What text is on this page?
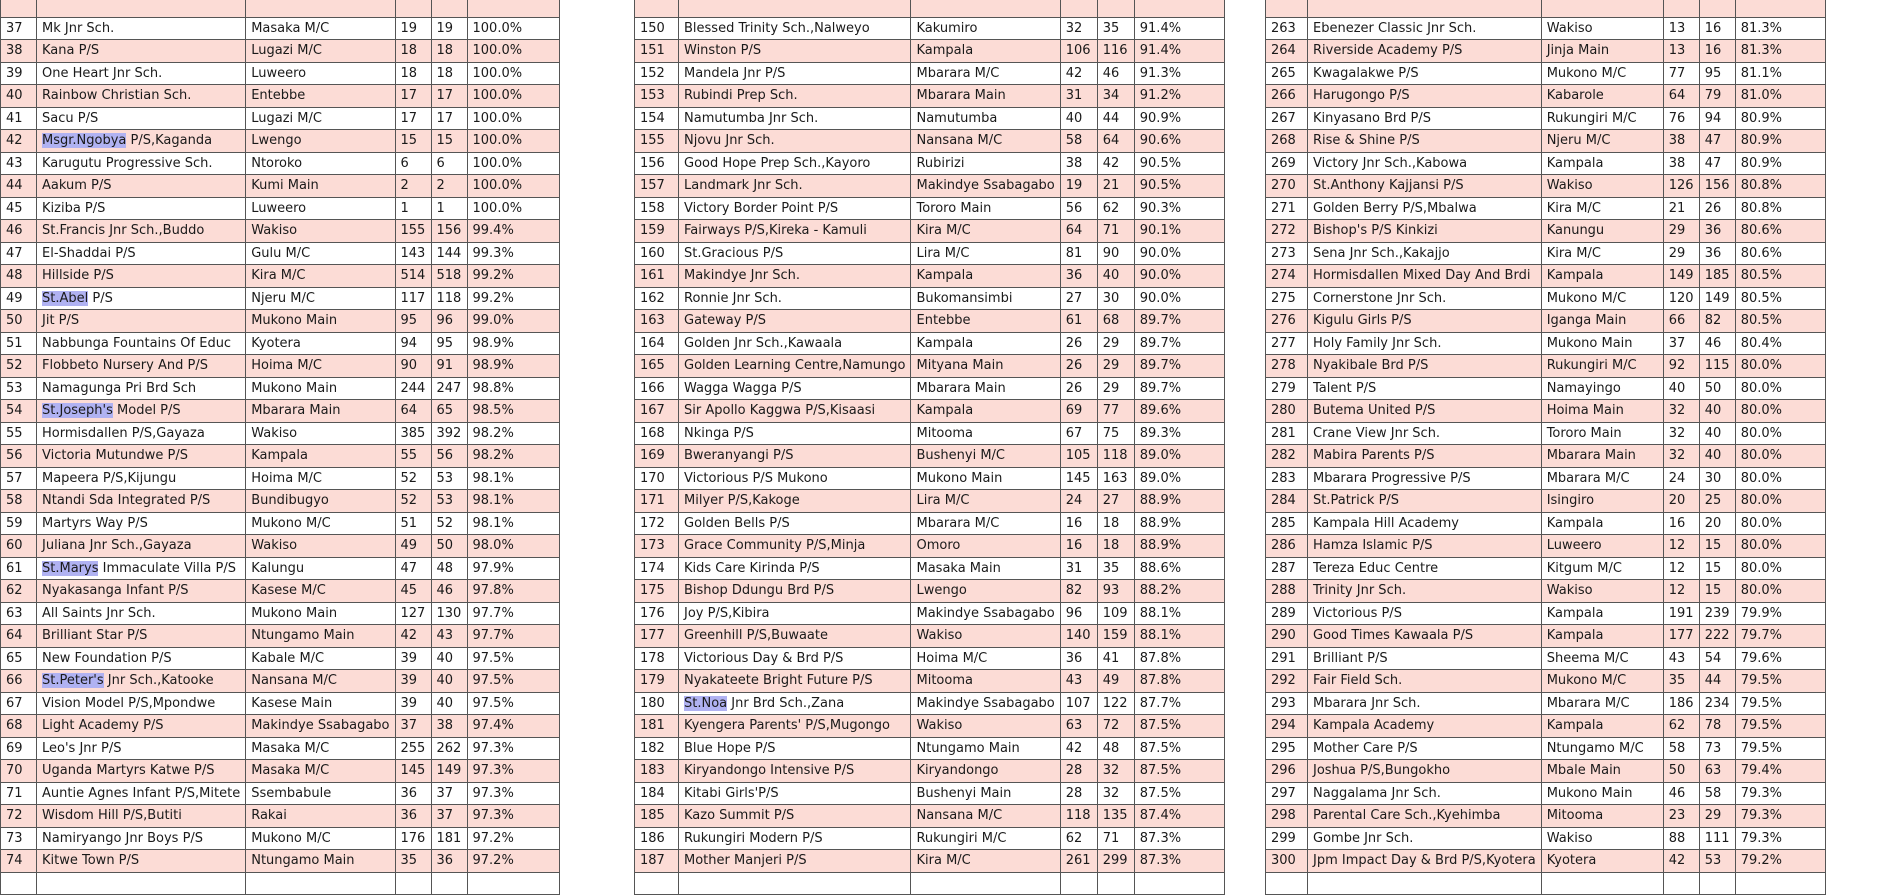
37	Mk Jnr Sch.	Masaka M/C	19	19	100.0%
38	Kana P/S	Lugazi M/C	18	18	100.0%
39	One Heart Jnr Sch.	Luweero	18	18	100.0%
40	Rainbow Christian Sch.	Entebbe	17	17	100.0%
41	Sacu P/S	Lugazi M/C	17	17	100.0%
42	Msgr.Ngobya P/S,Kaganda	Lwengo	15	15	100.0%
43	Karugutu Progressive Sch.	Ntoroko	6	6	100.0%
44	Aakum P/S	Kumi Main	2	2	100.0%
45	Kiziba P/S	Luweero	1	1	100.0%
46	St.Francis Jnr Sch.,Buddo	Wakiso	155	156	99.4%
47	El-Shaddai P/S	Gulu M/C	143	144	99.3%
48	Hillside P/S	Kira M/C	514	518	99.2%
49	St.Abel P/S	Njeru M/C	117	118	99.2%
50	Jit P/S	Mukono Main	95	96	99.0%
51	Nabbunga Fountains Of Educ	Kyotera	94	95	98.9%
52	Flobbeto Nursery And P/S	Hoima M/C	90	91	98.9%
53	Namagunga Pri Brd Sch	Mukono Main	244	247	98.8%
54	St.Joseph's Model P/S	Mbarara Main	64	65	98.5%
55	Hormisdallen P/S,Gayaza	Wakiso	385	392	98.2%
56	Victoria Mutundwe P/S	Kampala	55	56	98.2%
57	Mapeera P/S,Kijungu	Hoima M/C	52	53	98.1%
58	Ntandi Sda Integrated P/S	Bundibugyo	52	53	98.1%
59	Martyrs Way P/S	Mukono M/C	51	52	98.1%
60	Juliana Jnr Sch.,Gayaza	Wakiso	49	50	98.0%
61	St.Marys Immaculate Villa P/S	Kalungu	47	48	97.9%
62	Nyakasanga Infant P/S	Kasese M/C	45	46	97.8%
63	All Saints Jnr Sch.	Mukono Main	127	130	97.7%
64	Brilliant Star P/S	Ntungamo Main	42	43	97.7%
65	New Foundation P/S	Kabale M/C	39	40	97.5%
66	St.Peter's Jnr Sch.,Katooke	Nansana M/C	39	40	97.5%
67	Vision Model P/S,Mpondwe	Kasese Main	39	40	97.5%
68	Light Academy P/S	Makindye Ssabagabo	37	38	97.4%
69	Leo's Jnr P/S	Masaka M/C	255	262	97.3%
70	Uganda Martyrs Katwe P/S	Masaka M/C	145	149	97.3%
71	Auntie Agnes Infant P/S,Mitete	Ssembabule	36	37	97.3%
72	Wisdom Hill P/S,Butiti	Rakai	36	37	97.3%
73	Namiryango Jnr Boys P/S	Mukono M/C	176	181	97.2%
74	Kitwe Town P/S	Ntungamo Main	35	36	97.2%

150	Blessed Trinity Sch.,Nalweyo	Kakumiro	32	35	91.4%
151	Winston P/S	Kampala	106	116	91.4%
152	Mandela Jnr P/S	Mbarara M/C	42	46	91.3%
153	Rubindi Prep Sch.	Mbarara Main	31	34	91.2%
154	Namutumba Jnr Sch.	Namutumba	40	44	90.9%
155	Njovu Jnr Sch.	Nansana M/C	58	64	90.6%
156	Good Hope Prep Sch.,Kayoro	Rubirizi	38	42	90.5%
157	Landmark Jnr Sch.	Makindye Ssabagabo	19	21	90.5%
158	Victory Border Point P/S	Tororo Main	56	62	90.3%
159	Fairways P/S,Kireka - Kamuli	Kira M/C	64	71	90.1%
160	St.Gracious P/S	Lira M/C	81	90	90.0%
161	Makindye Jnr Sch.	Kampala	36	40	90.0%
162	Ronnie Jnr Sch.	Bukomansimbi	27	30	90.0%
163	Gateway P/S	Entebbe	61	68	89.7%
164	Golden Jnr Sch.,Kawaala	Kampala	26	29	89.7%
165	Golden Learning Centre,Namungo	Mityana Main	26	29	89.7%
166	Wagga Wagga P/S	Mbarara Main	26	29	89.7%
167	Sir Apollo Kaggwa P/S,Kisaasi	Kampala	69	77	89.6%
168	Nkinga P/S	Mitooma	67	75	89.3%
169	Bweranyangi P/S	Bushenyi M/C	105	118	89.0%
170	Victorious P/S Mukono	Mukono Main	145	163	89.0%
171	Milyer P/S,Kakoge	Lira M/C	24	27	88.9%
172	Golden Bells P/S	Mbarara M/C	16	18	88.9%
173	Grace Community P/S,Minja	Omoro	16	18	88.9%
174	Kids Care Kirinda P/S	Masaka Main	31	35	88.6%
175	Bishop Ddungu Brd P/S	Lwengo	82	93	88.2%
176	Joy P/S,Kibira	Makindye Ssabagabo	96	109	88.1%
177	Greenhill P/S,Buwaate	Wakiso	140	159	88.1%
178	Victorious Day & Brd P/S	Hoima M/C	36	41	87.8%
179	Nyakateete Bright Future P/S	Mitooma	43	49	87.8%
180	St.Noa Jnr Brd Sch.,Zana	Makindye Ssabagabo	107	122	87.7%
181	Kyengera Parents' P/S,Mugongo	Wakiso	63	72	87.5%
182	Blue Hope P/S	Ntungamo Main	42	48	87.5%
183	Kiryandongo Intensive P/S	Kiryandongo	28	32	87.5%
184	Kitabi Girls'P/S	Bushenyi Main	28	32	87.5%
185	Kazo Summit P/S	Nansana M/C	118	135	87.4%
186	Rukungiri Modern P/S	Rukungiri M/C	62	71	87.3%
187	Mother Manjeri P/S	Kira M/C	261	299	87.3%

263	Ebenezer Classic Jnr Sch.	Wakiso	13	16	81.3%
264	Riverside Academy P/S	Jinja Main	13	16	81.3%
265	Kwagalakwe P/S	Mukono M/C	77	95	81.1%
266	Harugongo P/S	Kabarole	64	79	81.0%
267	Kinyasano Brd P/S	Rukungiri M/C	76	94	80.9%
268	Rise & Shine P/S	Njeru M/C	38	47	80.9%
269	Victory Jnr Sch.,Kabowa	Kampala	38	47	80.9%
270	St.Anthony Kajjansi P/S	Wakiso	126	156	80.8%
271	Golden Berry P/S,Mbalwa	Kira M/C	21	26	80.8%
272	Bishop's P/S Kinkizi	Kanungu	29	36	80.6%
273	Sena Jnr Sch.,Kakajjo	Kira M/C	29	36	80.6%
274	Hormisdallen Mixed Day And Brdi	Kampala	149	185	80.5%
275	Cornerstone Jnr Sch.	Mukono M/C	120	149	80.5%
276	Kigulu Girls P/S	Iganga Main	66	82	80.5%
277	Holy Family Jnr Sch.	Mukono Main	37	46	80.4%
278	Nyakibale Brd P/S	Rukungiri M/C	92	115	80.0%
279	Talent P/S	Namayingo	40	50	80.0%
280	Butema United P/S	Hoima Main	32	40	80.0%
281	Crane View Jnr Sch.	Tororo Main	32	40	80.0%
282	Mabira Parents P/S	Mbarara Main	32	40	80.0%
283	Mbarara Progressive P/S	Mbarara M/C	24	30	80.0%
284	St.Patrick P/S	Isingiro	20	25	80.0%
285	Kampala Hill Academy	Kampala	16	20	80.0%
286	Hamza Islamic P/S	Luweero	12	15	80.0%
287	Tereza Educ Centre	Kitgum M/C	12	15	80.0%
288	Trinity Jnr Sch.	Wakiso	12	15	80.0%
289	Victorious P/S	Kampala	191	239	79.9%
290	Good Times Kawaala P/S	Kampala	177	222	79.7%
291	Brilliant P/S	Sheema M/C	43	54	79.6%
292	Fair Field Sch.	Mukono M/C	35	44	79.5%
293	Mbarara Jnr Sch.	Mbarara M/C	186	234	79.5%
294	Kampala Academy	Kampala	62	78	79.5%
295	Mother Care P/S	Ntungamo M/C	58	73	79.5%
296	Joshua P/S,Bungokho	Mbale Main	50	63	79.4%
297	Naggalama Jnr Sch.	Mukono Main	46	58	79.3%
298	Parental Care Sch.,Kyehimba	Mitooma	23	29	79.3%
299	Gombe Jnr Sch.	Wakiso	88	111	79.3%
300	Jpm Impact Day & Brd P/S,Kyotera	Kyotera	42	53	79.2%
